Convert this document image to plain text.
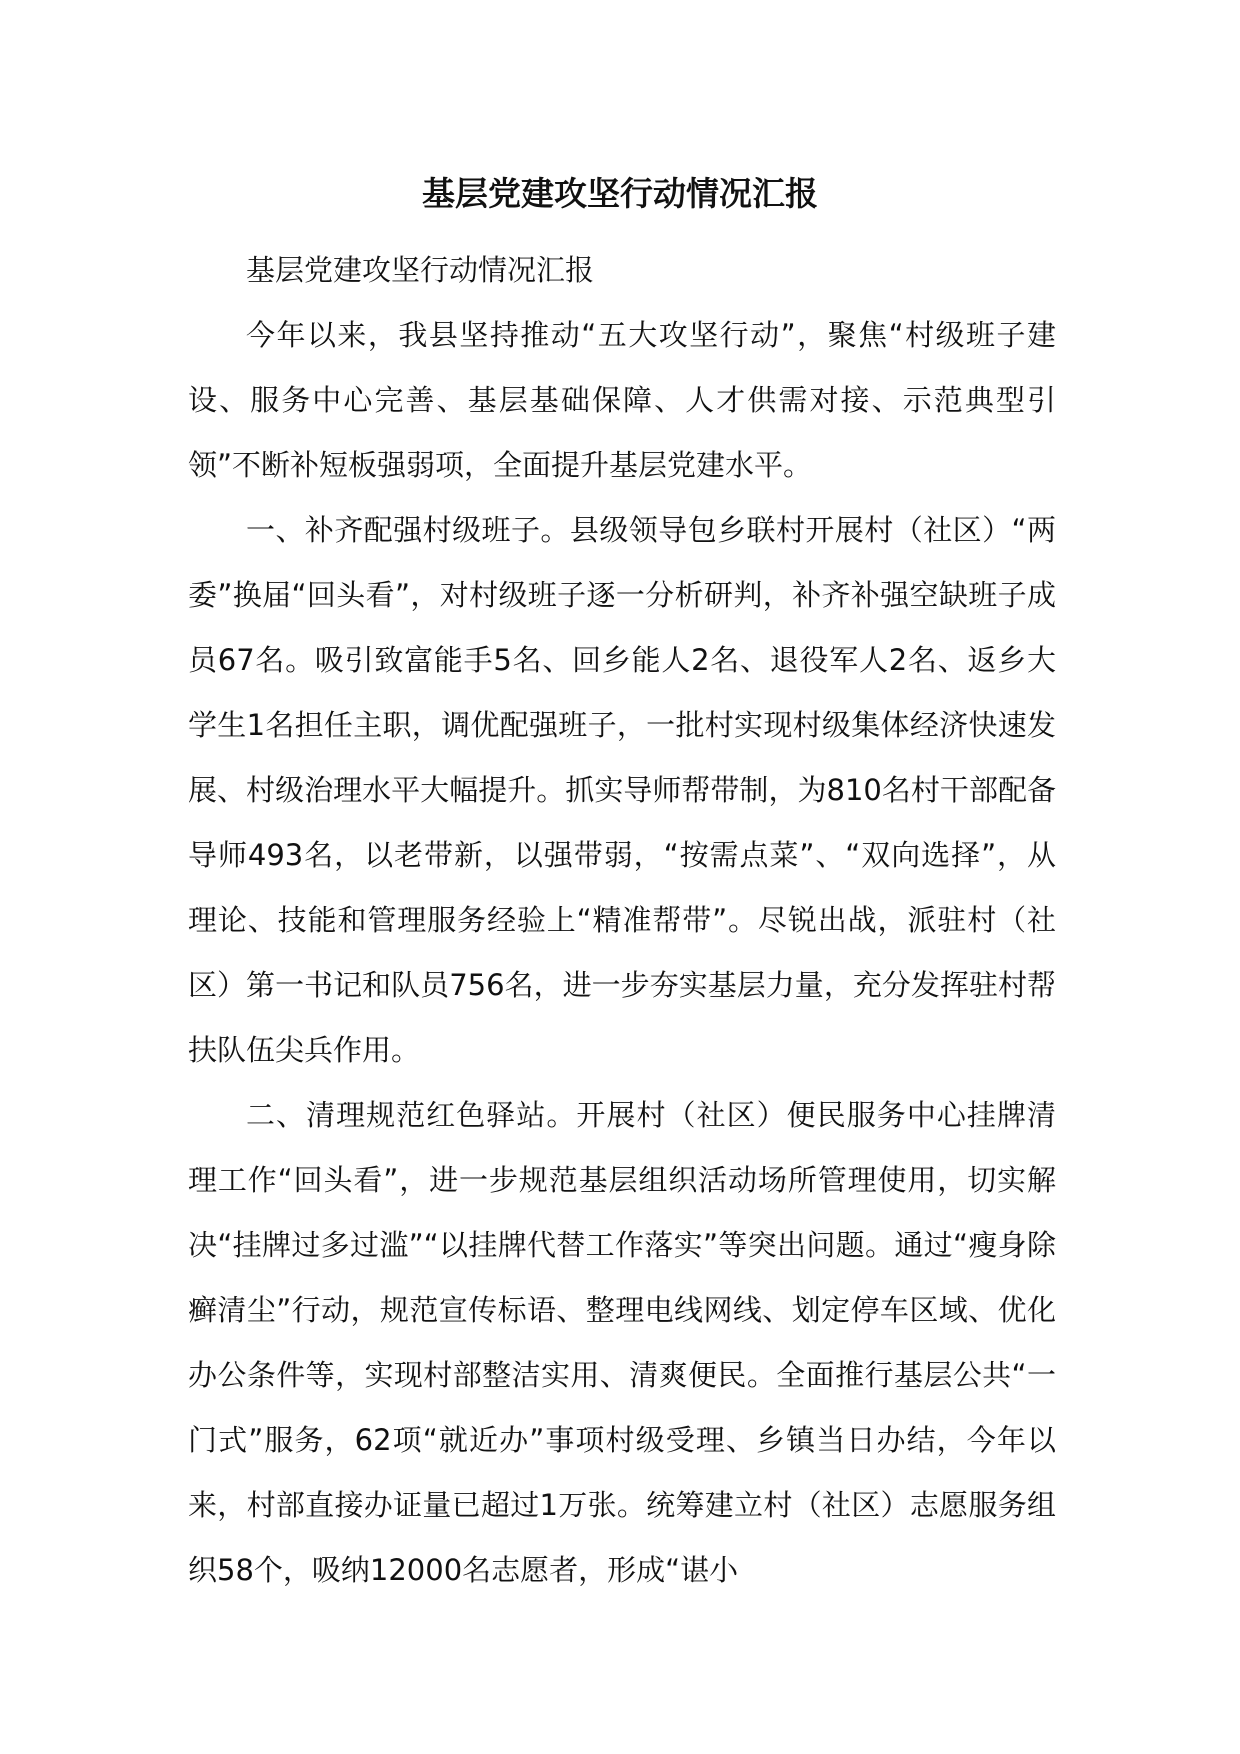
基层党建攻坚行动情况汇报

基层党建攻坚行动情况汇报

今年以来，我县坚持推动“五大攻坚行动”，聚焦“村级班子建设、服务中心完善、基层基础保障、人才供需对接、示范典型引领”不断补短板强弱项，全面提升基层党建水平。

一、补齐配强村级班子。县级领导包乡联村开展村（社区）“两委”换届“回头看”，对村级班子逐一分析研判，补齐补强空缺班子成员67名。吸引致富能手5名、回乡能人2名、退役军人2名、返乡大学生1名担任主职，调优配强班子，一批村实现村级集体经济快速发展、村级治理水平大幅提升。抓实导师帮带制，为810名村干部配备导师493名，以老带新，以强带弱，“按需点菜”、“双向选择”，从理论、技能和管理服务经验上“精准帮带”。尽锐出战，派驻村（社区）第一书记和队员756名，进一步夯实基层力量，充分发挥驻村帮扶队伍尖兵作用。

二、清理规范红色驿站。开展村（社区）便民服务中心挂牌清理工作“回头看”，进一步规范基层组织活动场所管理使用，切实解决“挂牌过多过滥”“以挂牌代替工作落实”等突出问题。通过“瘦身除癣清尘”行动，规范宣传标语、整理电线网线、划定停车区域、优化办公条件等，实现村部整洁实用、清爽便民。全面推行基层公共“一门式”服务，62项“就近办”事项村级受理、乡镇当日办结，今年以来，村部直接办证量已超过1万张。统筹建立村（社区）志愿服务组织58个，吸纳12000名志愿者，形成“谌小
